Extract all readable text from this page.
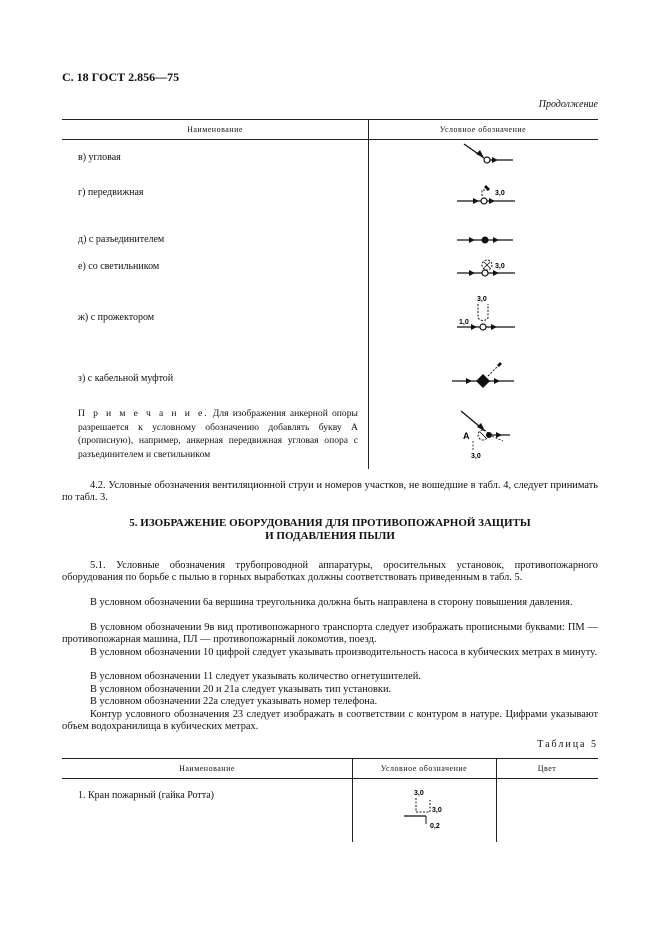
С. 18 ГОСТ 2.856—75
Продолжение
Наименование	Условное обозначение
в) угловая
г) передвижная
д) с разъединителем
е) со светильником
ж) с прожектором
з) с кабельной муфтой
3,0
3,0
3,0
1,0
А
3,0
П р и м е ч а н и е. Для изображения анкерной опоры разрешается к условному обозначению добавлять букву А (прописную), например, анкерная передвижная угловая опора с разъединителем и светильником
4.2. Условные обозначения вентиляционной струи и номеров участков, не вошедшие в табл. 4, следует принимать по табл. 3.
5. ИЗОБРАЖЕНИЕ ОБОРУДОВАНИЯ ДЛЯ ПРОТИВОПОЖАРНОЙ ЗАЩИТЫ
И ПОДАВЛЕНИЯ ПЫЛИ
5.1. Условные обозначения трубопроводной аппаратуры, оросительных установок, противопожарного оборудования по борьбе с пылью в горных выработках должны соответствовать приведенным в табл. 5.
В условном обозначении 6а вершина треугольника должна быть направлена в сторону повышения давления.
В условном обозначении 9в вид противопожарного транспорта следует изображать прописными буквами: ПМ — противопожарная машина, ПЛ — противопожарный локомотив, поезд.
В условном обозначении 10 цифрой следует указывать производительность насоса в кубических метрах в минуту.
В условном обозначении 11 следует указывать количество огнетушителей.
В условном обозначении 20 и 21а следует указывать тип установки.
В условном обозначении 22а следует указывать номер телефона.
Контур условного обозначения 23 следует изображать в соответствии с контуром в натуре. Цифрами указывают объем водохранилища в кубических метрах.
Таблица 5
Наименование	Условное обозначение	Цвет
1. Кран пожарный (гайка Ротта)	3,0
3,0
0,2
